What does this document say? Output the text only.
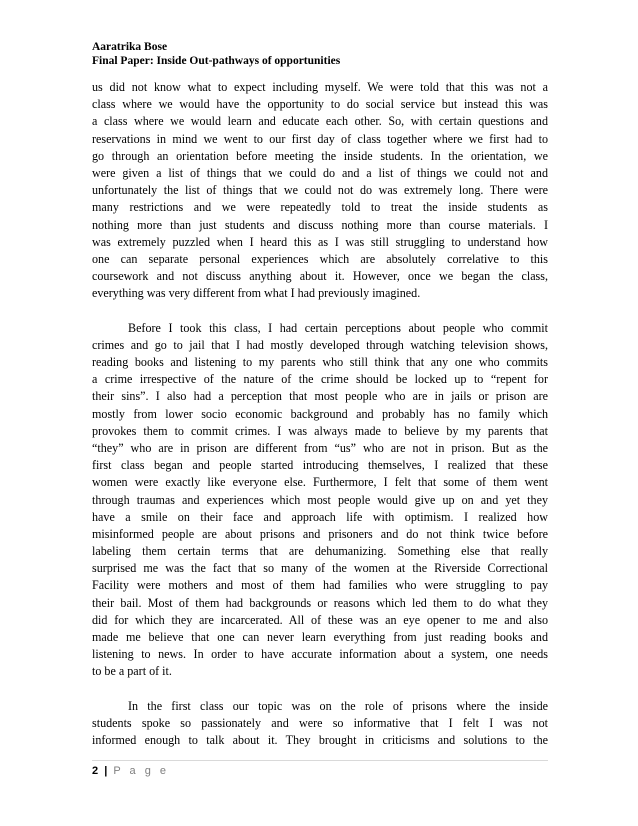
Aaratrika Bose
Final Paper: Inside Out-pathways of opportunities
us did not know what to expect including myself. We were told that this was not a
class where we would have the opportunity to do social service but instead this was
a class where we would learn and educate each other. So, with certain questions and
reservations in mind we went to our first day of class together where we first had to
go through an orientation before meeting the inside students. In the orientation, we
were given a list of things that we could do and a list of things we could not and
unfortunately the list of things that we could not do was extremely long. There were
many restrictions and we were repeatedly told to treat the inside students as
nothing more than just students and discuss nothing more than course materials. I
was extremely puzzled when I heard this as I was still struggling to understand how
one can separate personal experiences which are absolutely correlative to this
coursework and not discuss anything about it. However, once we began the class,
everything was very different from what I had previously imagined.
Before I took this class, I had certain perceptions about people who commit
crimes and go to jail that I had mostly developed through watching television shows,
reading books and listening to my parents who still think that any one who commits
a crime irrespective of the nature of the crime should be locked up to “repent for
their sins”. I also had a perception that most people who are in jails or prison are
mostly from lower socio economic background and probably has no family which
provokes them to commit crimes. I was always made to believe by my parents that
“they” who are in prison are different from “us” who are not in prison. But as the
first class began and people started introducing themselves, I realized that these
women were exactly like everyone else. Furthermore, I felt that some of them went
through traumas and experiences which most people would give up on and yet they
have a smile on their face and approach life with optimism. I realized how
misinformed people are about prisons and prisoners and do not think twice before
labeling them certain terms that are dehumanizing. Something else that really
surprised me was the fact that so many of the women at the Riverside Correctional
Facility were mothers and most of them had families who were struggling to pay
their bail. Most of them had backgrounds or reasons which led them to do what they
did for which they are incarcerated. All of these was an eye opener to me and also
made me believe that one can never learn everything from just reading books and
listening to news. In order to have accurate information about a system, one needs
to be a part of it.
In the first class our topic was on the role of prisons where the inside
students spoke so passionately and were so informative that I felt I was not
informed enough to talk about it. They brought in criticisms and solutions to the
2 | P a g e
